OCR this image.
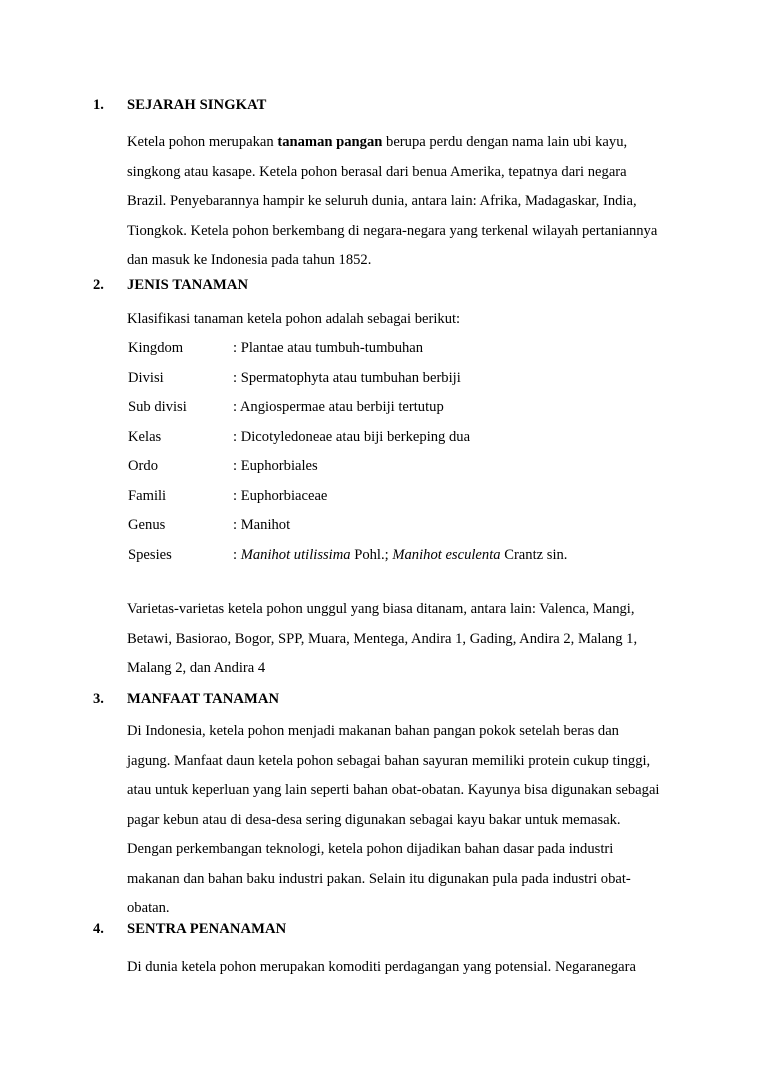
1. SEJARAH SINGKAT

Ketela pohon merupakan tanaman pangan berupa perdu dengan nama lain ubi kayu,
singkong atau kasape. Ketela pohon berasal dari benua Amerika, tepatnya dari negara
Brazil. Penyebarannya hampir ke seluruh dunia, antara lain: Afrika, Madagaskar, India,
Tiongkok. Ketela pohon berkembang di negara-negara yang terkenal wilayah pertaniannya
dan masuk ke Indonesia pada tahun 1852.

2. JENIS TANAMAN
Klasifikasi tanaman ketela pohon adalah sebagai berikut:
Kingdom	: Plantae atau tumbuh-tumbuhan
Divisi	: Spermatophyta atau tumbuhan berbiji
Sub divisi	: Angiospermae atau berbiji tertutup
Kelas	: Dicotyledoneae atau biji berkeping dua
Ordo	: Euphorbiales
Famili	: Euphorbiaceae
Genus	: Manihot
Spesies	: Manihot utilissima Pohl.; Manihot esculenta Crantz sin.

Varietas-varietas ketela pohon unggul yang biasa ditanam, antara lain: Valenca, Mangi,
Betawi, Basiorao, Bogor, SPP, Muara, Mentega, Andira 1, Gading, Andira 2, Malang 1,
Malang 2, dan Andira 4

3. MANFAAT TANAMAN

Di Indonesia, ketela pohon menjadi makanan bahan pangan pokok setelah beras dan
jagung. Manfaat daun ketela pohon sebagai bahan sayuran memiliki protein cukup tinggi,
atau untuk keperluan yang lain seperti bahan obat-obatan. Kayunya bisa digunakan sebagai
pagar kebun atau di desa-desa sering digunakan sebagai kayu bakar untuk memasak.
Dengan perkembangan teknologi, ketela pohon dijadikan bahan dasar pada industri
makanan dan bahan baku industri pakan. Selain itu digunakan pula pada industri obat-
obatan.

4. SENTRA PENANAMAN

Di dunia ketela pohon merupakan komoditi perdagangan yang potensial. Negaranegara
